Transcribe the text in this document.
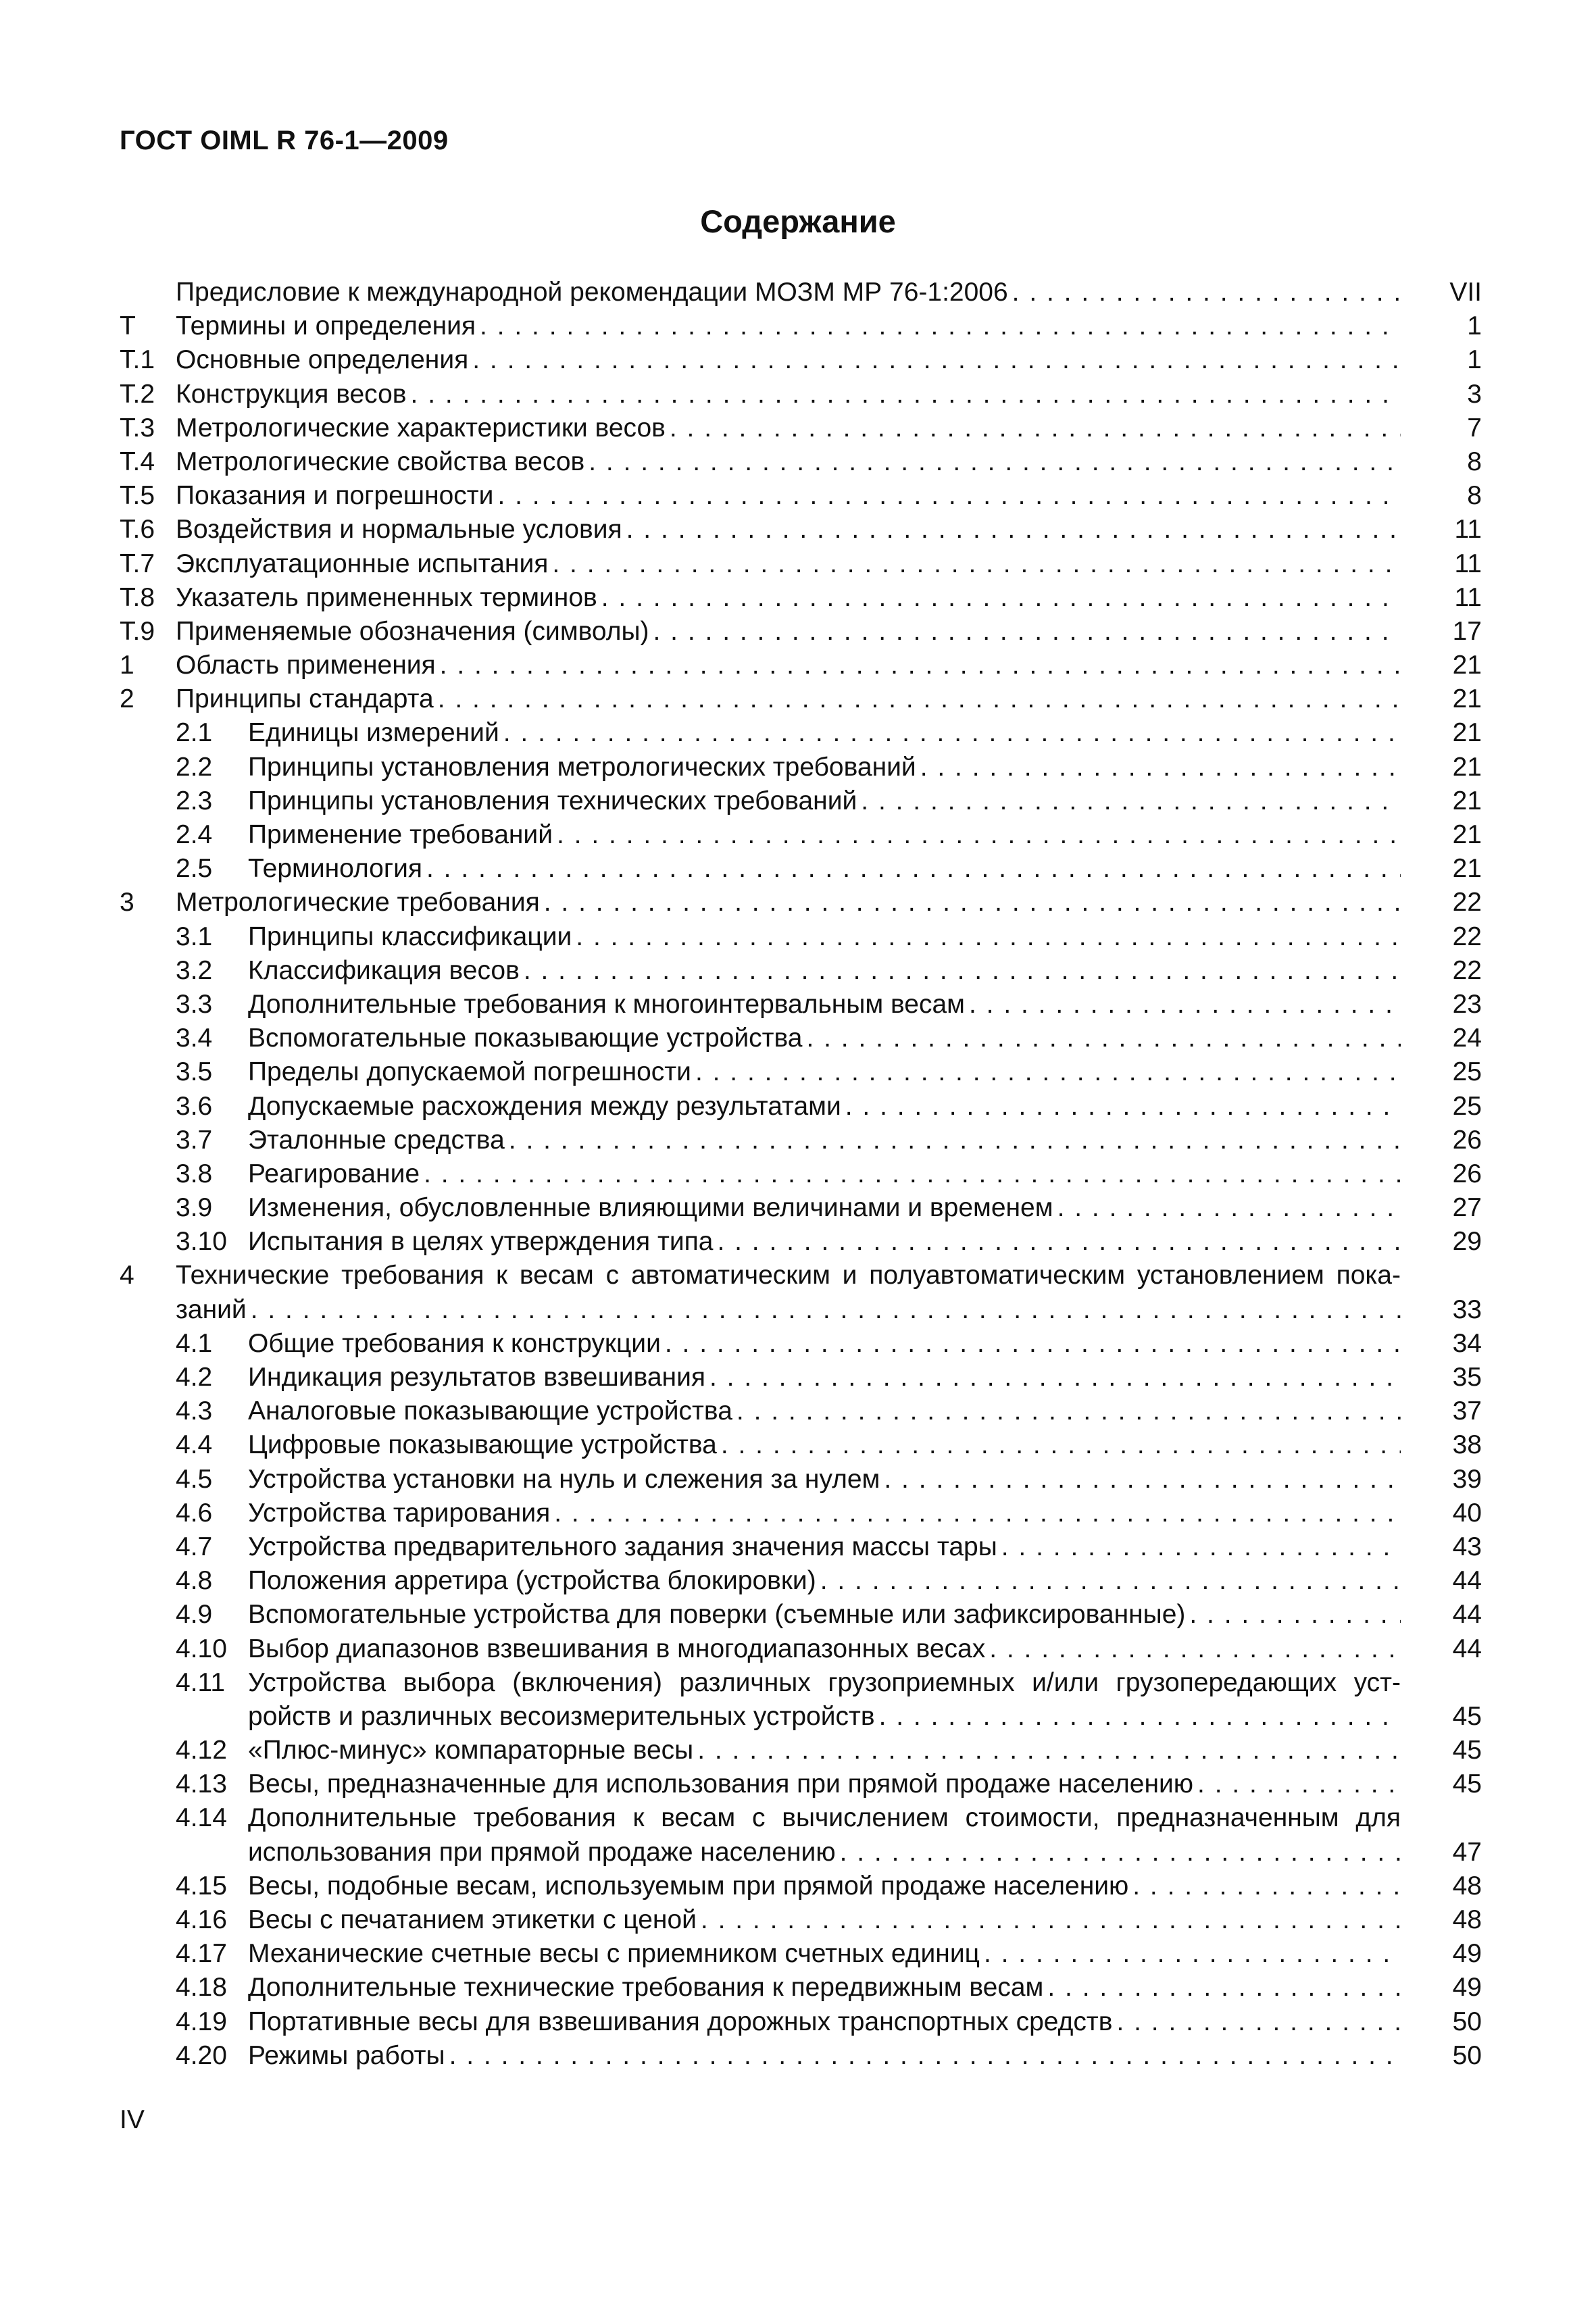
ГОСТ OIML R 76-1—2009
Содержание
Предисловие к международной рекомендации МОЗМ МР 76-1:2006 . . .	VII
Т Термины и определения . . .	1
Т.1 Основные определения . . .	1
Т.2 Конструкция весов . . .	3
Т.3 Метрологические характеристики весов . . .	7
Т.4 Метрологические свойства весов . . .	8
Т.5 Показания и погрешности . . .	8
Т.6 Воздействия и нормальные условия . . .	11
Т.7 Эксплуатационные испытания . . .	11
Т.8 Указатель примененных терминов . . .	11
Т.9 Применяемые обозначения (символы) . . .	17
1 Область применения . . .	21
2 Принципы стандарта . . .	21
2.1 Единицы измерений . . .	21
2.2 Принципы установления метрологических требований . . .	21
2.3 Принципы установления технических требований . . .	21
2.4 Применение требований . . .	21
2.5 Терминология . . .	21
3 Метрологические требования . . .	22
3.1 Принципы классификации . . .	22
3.2 Классификация весов . . .	22
3.3 Дополнительные требования к многоинтервальным весам . . .	23
3.4 Вспомогательные показывающие устройства . . .	24
3.5 Пределы допускаемой погрешности . . .	25
3.6 Допускаемые расхождения между результатами . . .	25
3.7 Эталонные средства . . .	26
3.8 Реагирование . . .	26
3.9 Изменения, обусловленные влияющими величинами и временем . . .	27
3.10 Испытания в целях утверждения типа . . .	29
4 Технические требования к весам с автоматическим и полуавтоматическим установлением пока-
заний . . .	33
4.1 Общие требования к конструкции . . .	34
4.2 Индикация результатов взвешивания . . .	35
4.3 Аналоговые показывающие устройства . . .	37
4.4 Цифровые показывающие устройства . . .	38
4.5 Устройства установки на нуль и слежения за нулем . . .	39
4.6 Устройства тарирования . . .	40
4.7 Устройства предварительного задания значения массы тары . . .	43
4.8 Положения арретира (устройства блокировки) . . .	44
4.9 Вспомогательные устройства для поверки (съемные или зафиксированные) . . .	44
4.10 Выбор диапазонов взвешивания в многодиапазонных весах . . .	44
4.11 Устройства выбора (включения) различных грузоприемных и/или грузопередающих уст-
ройств и различных весоизмерительных устройств . . .	45
4.12 «Плюс-минус» компараторные весы . . .	45
4.13 Весы, предназначенные для использования при прямой продаже населению . . .	45
4.14 Дополнительные требования к весам с вычислением стоимости, предназначенным для
использования при прямой продаже населению . . .	47
4.15 Весы, подобные весам, используемым при прямой продаже населению . . .	48
4.16 Весы с печатанием этикетки с ценой . . .	48
4.17 Механические счетные весы с приемником счетных единиц . . .	49
4.18 Дополнительные технические требования к передвижным весам . . .	49
4.19 Портативные весы для взвешивания дорожных транспортных средств . . .	50
4.20 Режимы работы . . .	50
IV
